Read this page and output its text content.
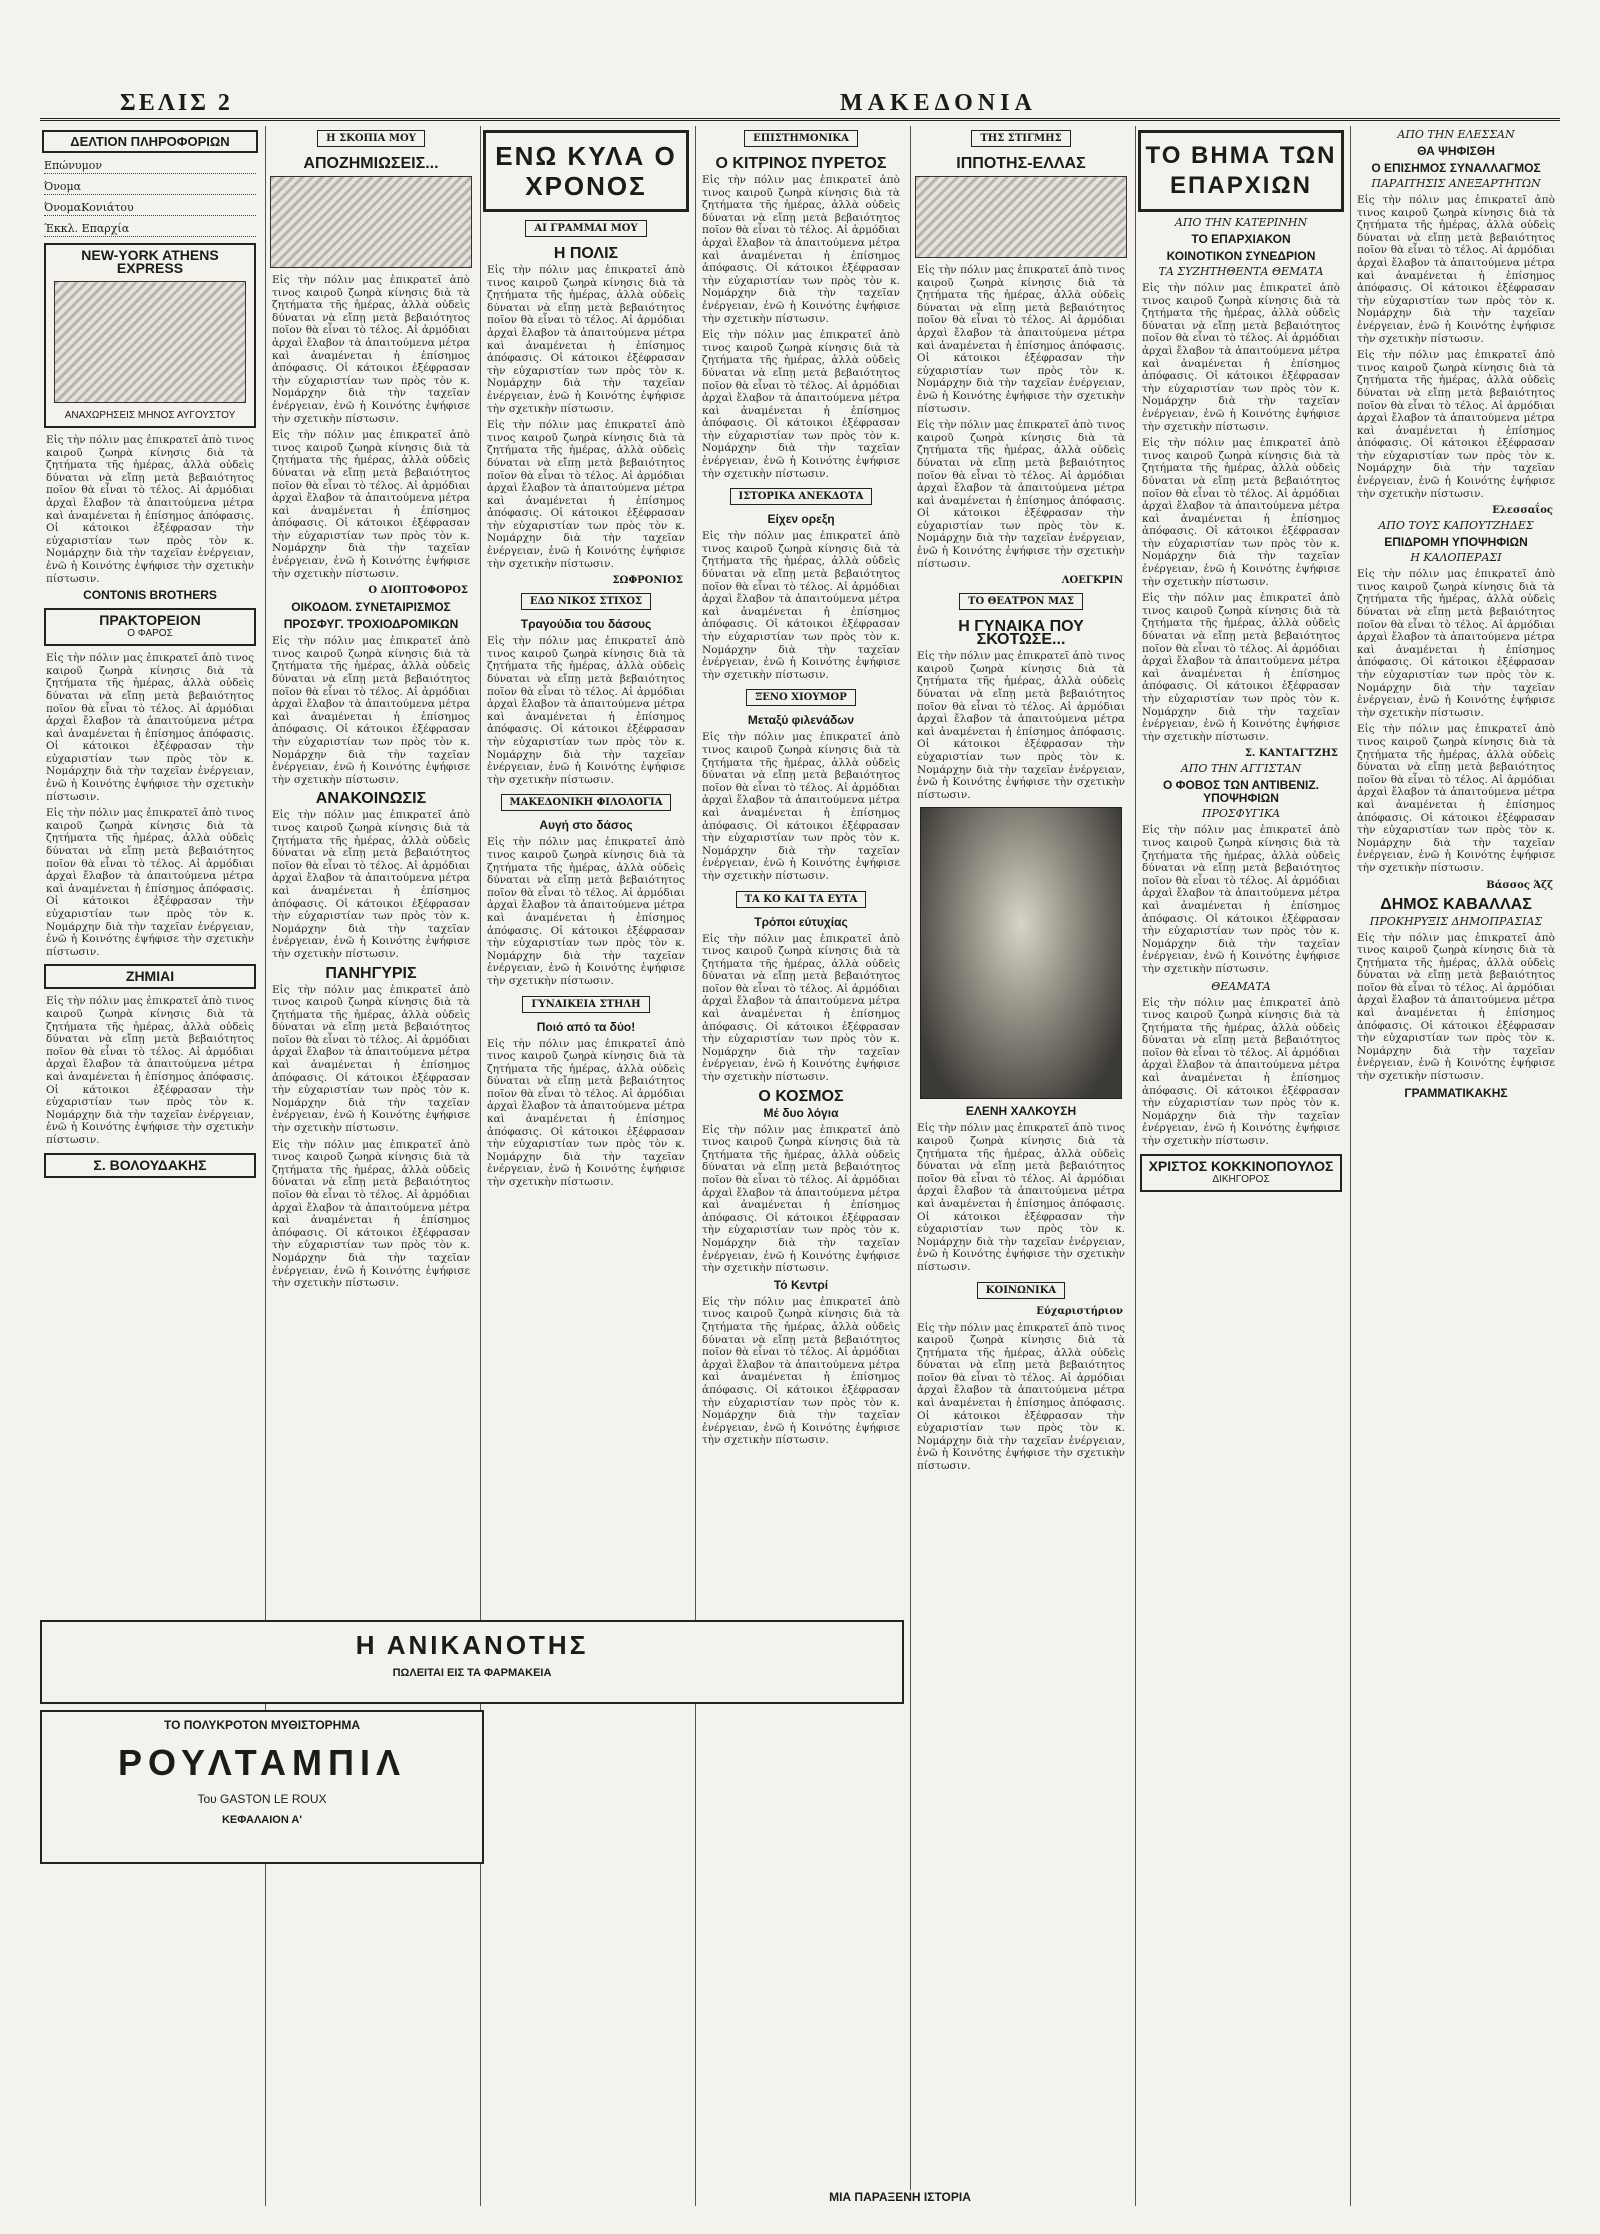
ΣΕΛΙΣ 2	ΜΑΚΕΔΟΝΙΑ
ΔΕΛΤΙΟΝ ΠΛΗΡΟΦΟΡΙΩΝ
Επώνυμον
Όνομα
ΌνομαΚονιάτου
Έκκλ. Επαρχία
NEW-YORK ATHENS EXPRESS
ΑΝΑΧΩΡΗΣΕΙΣ ΜΗΝΟΣ ΑΥΓΟΥΣΤΟΥ
Εἰς τὴν πόλιν μας ἐπικρατεῖ ἀπὸ τινος καιροῦ ζωηρὰ κίνησις διὰ τὰ ζητήματα τῆς ἡμέρας, ἀλλὰ οὐδεὶς δύναται νὰ εἴπῃ μετὰ βεβαιότητος ποῖον θὰ εἶναι τὸ τέλος. Αἱ ἀρμόδιαι ἀρχαὶ ἔλαβον τὰ ἀπαιτούμενα μέτρα καὶ ἀναμένεται ἡ ἐπίσημος ἀπόφασις. Οἱ κάτοικοι ἐξέφρασαν τὴν εὐχαριστίαν των πρὸς τὸν κ. Νομάρχην διὰ τὴν ταχεῖαν ἐνέργειαν, ἐνῶ ἡ Κοινότης ἐψήφισε τὴν σχετικὴν πίστωσιν.
CONTONIS BROTHERS
ΠΡΑΚΤΟΡΕΙΟΝ
Ο ΦΑΡΟΣ
Εἰς τὴν πόλιν μας ἐπικρατεῖ ἀπὸ τινος καιροῦ ζωηρὰ κίνησις διὰ τὰ ζητήματα τῆς ἡμέρας, ἀλλὰ οὐδεὶς δύναται νὰ εἴπῃ μετὰ βεβαιότητος ποῖον θὰ εἶναι τὸ τέλος. Αἱ ἀρμόδιαι ἀρχαὶ ἔλαβον τὰ ἀπαιτούμενα μέτρα καὶ ἀναμένεται ἡ ἐπίσημος ἀπόφασις. Οἱ κάτοικοι ἐξέφρασαν τὴν εὐχαριστίαν των πρὸς τὸν κ. Νομάρχην διὰ τὴν ταχεῖαν ἐνέργειαν, ἐνῶ ἡ Κοινότης ἐψήφισε τὴν σχετικὴν πίστωσιν.
Εἰς τὴν πόλιν μας ἐπικρατεῖ ἀπὸ τινος καιροῦ ζωηρὰ κίνησις διὰ τὰ ζητήματα τῆς ἡμέρας, ἀλλὰ οὐδεὶς δύναται νὰ εἴπῃ μετὰ βεβαιότητος ποῖον θὰ εἶναι τὸ τέλος. Αἱ ἀρμόδιαι ἀρχαὶ ἔλαβον τὰ ἀπαιτούμενα μέτρα καὶ ἀναμένεται ἡ ἐπίσημος ἀπόφασις. Οἱ κάτοικοι ἐξέφρασαν τὴν εὐχαριστίαν των πρὸς τὸν κ. Νομάρχην διὰ τὴν ταχεῖαν ἐνέργειαν, ἐνῶ ἡ Κοινότης ἐψήφισε τὴν σχετικὴν πίστωσιν.
ΖΗΜΙΑΙ
Εἰς τὴν πόλιν μας ἐπικρατεῖ ἀπὸ τινος καιροῦ ζωηρὰ κίνησις διὰ τὰ ζητήματα τῆς ἡμέρας, ἀλλὰ οὐδεὶς δύναται νὰ εἴπῃ μετὰ βεβαιότητος ποῖον θὰ εἶναι τὸ τέλος. Αἱ ἀρμόδιαι ἀρχαὶ ἔλαβον τὰ ἀπαιτούμενα μέτρα καὶ ἀναμένεται ἡ ἐπίσημος ἀπόφασις. Οἱ κάτοικοι ἐξέφρασαν τὴν εὐχαριστίαν των πρὸς τὸν κ. Νομάρχην διὰ τὴν ταχεῖαν ἐνέργειαν, ἐνῶ ἡ Κοινότης ἐψήφισε τὴν σχετικὴν πίστωσιν.
Σ. ΒΟΛΟΥΔΑΚΗΣ
Η ΣΚΟΠΙΑ ΜΟΥ
ΑΠΟΖΗΜΙΩΣΕΙΣ...
Εἰς τὴν πόλιν μας ἐπικρατεῖ ἀπὸ τινος καιροῦ ζωηρὰ κίνησις διὰ τὰ ζητήματα τῆς ἡμέρας, ἀλλὰ οὐδεὶς δύναται νὰ εἴπῃ μετὰ βεβαιότητος ποῖον θὰ εἶναι τὸ τέλος. Αἱ ἀρμόδιαι ἀρχαὶ ἔλαβον τὰ ἀπαιτούμενα μέτρα καὶ ἀναμένεται ἡ ἐπίσημος ἀπόφασις. Οἱ κάτοικοι ἐξέφρασαν τὴν εὐχαριστίαν των πρὸς τὸν κ. Νομάρχην διὰ τὴν ταχεῖαν ἐνέργειαν, ἐνῶ ἡ Κοινότης ἐψήφισε τὴν σχετικὴν πίστωσιν.
Εἰς τὴν πόλιν μας ἐπικρατεῖ ἀπὸ τινος καιροῦ ζωηρὰ κίνησις διὰ τὰ ζητήματα τῆς ἡμέρας, ἀλλὰ οὐδεὶς δύναται νὰ εἴπῃ μετὰ βεβαιότητος ποῖον θὰ εἶναι τὸ τέλος. Αἱ ἀρμόδιαι ἀρχαὶ ἔλαβον τὰ ἀπαιτούμενα μέτρα καὶ ἀναμένεται ἡ ἐπίσημος ἀπόφασις. Οἱ κάτοικοι ἐξέφρασαν τὴν εὐχαριστίαν των πρὸς τὸν κ. Νομάρχην διὰ τὴν ταχεῖαν ἐνέργειαν, ἐνῶ ἡ Κοινότης ἐψήφισε τὴν σχετικὴν πίστωσιν.
Ο ΔΙΟΠΤΟΦΟΡΟΣ
ΟΙΚΟΔΟΜ. ΣΥΝΕΤΑΙΡΙΣΜΟΣ
ΠΡΟΣΦΥΓ. ΤΡΟΧΙΟΔΡΟΜΙΚΩΝ
Εἰς τὴν πόλιν μας ἐπικρατεῖ ἀπὸ τινος καιροῦ ζωηρὰ κίνησις διὰ τὰ ζητήματα τῆς ἡμέρας, ἀλλὰ οὐδεὶς δύναται νὰ εἴπῃ μετὰ βεβαιότητος ποῖον θὰ εἶναι τὸ τέλος. Αἱ ἀρμόδιαι ἀρχαὶ ἔλαβον τὰ ἀπαιτούμενα μέτρα καὶ ἀναμένεται ἡ ἐπίσημος ἀπόφασις. Οἱ κάτοικοι ἐξέφρασαν τὴν εὐχαριστίαν των πρὸς τὸν κ. Νομάρχην διὰ τὴν ταχεῖαν ἐνέργειαν, ἐνῶ ἡ Κοινότης ἐψήφισε τὴν σχετικὴν πίστωσιν.
ΑΝΑΚΟΙΝΩΣΙΣ
Εἰς τὴν πόλιν μας ἐπικρατεῖ ἀπὸ τινος καιροῦ ζωηρὰ κίνησις διὰ τὰ ζητήματα τῆς ἡμέρας, ἀλλὰ οὐδεὶς δύναται νὰ εἴπῃ μετὰ βεβαιότητος ποῖον θὰ εἶναι τὸ τέλος. Αἱ ἀρμόδιαι ἀρχαὶ ἔλαβον τὰ ἀπαιτούμενα μέτρα καὶ ἀναμένεται ἡ ἐπίσημος ἀπόφασις. Οἱ κάτοικοι ἐξέφρασαν τὴν εὐχαριστίαν των πρὸς τὸν κ. Νομάρχην διὰ τὴν ταχεῖαν ἐνέργειαν, ἐνῶ ἡ Κοινότης ἐψήφισε τὴν σχετικὴν πίστωσιν.
ΠΑΝΗΓΥΡΙΣ
Εἰς τὴν πόλιν μας ἐπικρατεῖ ἀπὸ τινος καιροῦ ζωηρὰ κίνησις διὰ τὰ ζητήματα τῆς ἡμέρας, ἀλλὰ οὐδεὶς δύναται νὰ εἴπῃ μετὰ βεβαιότητος ποῖον θὰ εἶναι τὸ τέλος. Αἱ ἀρμόδιαι ἀρχαὶ ἔλαβον τὰ ἀπαιτούμενα μέτρα καὶ ἀναμένεται ἡ ἐπίσημος ἀπόφασις. Οἱ κάτοικοι ἐξέφρασαν τὴν εὐχαριστίαν των πρὸς τὸν κ. Νομάρχην διὰ τὴν ταχεῖαν ἐνέργειαν, ἐνῶ ἡ Κοινότης ἐψήφισε τὴν σχετικὴν πίστωσιν.
Εἰς τὴν πόλιν μας ἐπικρατεῖ ἀπὸ τινος καιροῦ ζωηρὰ κίνησις διὰ τὰ ζητήματα τῆς ἡμέρας, ἀλλὰ οὐδεὶς δύναται νὰ εἴπῃ μετὰ βεβαιότητος ποῖον θὰ εἶναι τὸ τέλος. Αἱ ἀρμόδιαι ἀρχαὶ ἔλαβον τὰ ἀπαιτούμενα μέτρα καὶ ἀναμένεται ἡ ἐπίσημος ἀπόφασις. Οἱ κάτοικοι ἐξέφρασαν τὴν εὐχαριστίαν των πρὸς τὸν κ. Νομάρχην διὰ τὴν ταχεῖαν ἐνέργειαν, ἐνῶ ἡ Κοινότης ἐψήφισε τὴν σχετικὴν πίστωσιν.
ΕΝΩ ΚΥΛΑ Ο ΧΡΟΝΟΣ
ΑΙ ΓΡΑΜΜΑΙ ΜΟΥ
Η ΠΟΛΙΣ
Εἰς τὴν πόλιν μας ἐπικρατεῖ ἀπὸ τινος καιροῦ ζωηρὰ κίνησις διὰ τὰ ζητήματα τῆς ἡμέρας, ἀλλὰ οὐδεὶς δύναται νὰ εἴπῃ μετὰ βεβαιότητος ποῖον θὰ εἶναι τὸ τέλος. Αἱ ἀρμόδιαι ἀρχαὶ ἔλαβον τὰ ἀπαιτούμενα μέτρα καὶ ἀναμένεται ἡ ἐπίσημος ἀπόφασις. Οἱ κάτοικοι ἐξέφρασαν τὴν εὐχαριστίαν των πρὸς τὸν κ. Νομάρχην διὰ τὴν ταχεῖαν ἐνέργειαν, ἐνῶ ἡ Κοινότης ἐψήφισε τὴν σχετικὴν πίστωσιν.
Εἰς τὴν πόλιν μας ἐπικρατεῖ ἀπὸ τινος καιροῦ ζωηρὰ κίνησις διὰ τὰ ζητήματα τῆς ἡμέρας, ἀλλὰ οὐδεὶς δύναται νὰ εἴπῃ μετὰ βεβαιότητος ποῖον θὰ εἶναι τὸ τέλος. Αἱ ἀρμόδιαι ἀρχαὶ ἔλαβον τὰ ἀπαιτούμενα μέτρα καὶ ἀναμένεται ἡ ἐπίσημος ἀπόφασις. Οἱ κάτοικοι ἐξέφρασαν τὴν εὐχαριστίαν των πρὸς τὸν κ. Νομάρχην διὰ τὴν ταχεῖαν ἐνέργειαν, ἐνῶ ἡ Κοινότης ἐψήφισε τὴν σχετικὴν πίστωσιν.
ΣΩΦΡΟΝΙΟΣ
ΕΔΩ ΝΙΚΟΣ ΣΤΙΧΟΣ
Τραγούδια του δάσους
Εἰς τὴν πόλιν μας ἐπικρατεῖ ἀπὸ τινος καιροῦ ζωηρὰ κίνησις διὰ τὰ ζητήματα τῆς ἡμέρας, ἀλλὰ οὐδεὶς δύναται νὰ εἴπῃ μετὰ βεβαιότητος ποῖον θὰ εἶναι τὸ τέλος. Αἱ ἀρμόδιαι ἀρχαὶ ἔλαβον τὰ ἀπαιτούμενα μέτρα καὶ ἀναμένεται ἡ ἐπίσημος ἀπόφασις. Οἱ κάτοικοι ἐξέφρασαν τὴν εὐχαριστίαν των πρὸς τὸν κ. Νομάρχην διὰ τὴν ταχεῖαν ἐνέργειαν, ἐνῶ ἡ Κοινότης ἐψήφισε τὴν σχετικὴν πίστωσιν.
ΜΑΚΕΔΟΝΙΚΗ ΦΙΛΟΛΟΓΙΑ
Αυγή στο δάσος
Εἰς τὴν πόλιν μας ἐπικρατεῖ ἀπὸ τινος καιροῦ ζωηρὰ κίνησις διὰ τὰ ζητήματα τῆς ἡμέρας, ἀλλὰ οὐδεὶς δύναται νὰ εἴπῃ μετὰ βεβαιότητος ποῖον θὰ εἶναι τὸ τέλος. Αἱ ἀρμόδιαι ἀρχαὶ ἔλαβον τὰ ἀπαιτούμενα μέτρα καὶ ἀναμένεται ἡ ἐπίσημος ἀπόφασις. Οἱ κάτοικοι ἐξέφρασαν τὴν εὐχαριστίαν των πρὸς τὸν κ. Νομάρχην διὰ τὴν ταχεῖαν ἐνέργειαν, ἐνῶ ἡ Κοινότης ἐψήφισε τὴν σχετικὴν πίστωσιν.
ΓΥΝΑΙΚΕΙΑ ΣΤΗΛΗ
Ποιό από τα δύο!
Εἰς τὴν πόλιν μας ἐπικρατεῖ ἀπὸ τινος καιροῦ ζωηρὰ κίνησις διὰ τὰ ζητήματα τῆς ἡμέρας, ἀλλὰ οὐδεὶς δύναται νὰ εἴπῃ μετὰ βεβαιότητος ποῖον θὰ εἶναι τὸ τέλος. Αἱ ἀρμόδιαι ἀρχαὶ ἔλαβον τὰ ἀπαιτούμενα μέτρα καὶ ἀναμένεται ἡ ἐπίσημος ἀπόφασις. Οἱ κάτοικοι ἐξέφρασαν τὴν εὐχαριστίαν των πρὸς τὸν κ. Νομάρχην διὰ τὴν ταχεῖαν ἐνέργειαν, ἐνῶ ἡ Κοινότης ἐψήφισε τὴν σχετικὴν πίστωσιν.
ΕΠΙΣΤΗΜΟΝΙΚΑ
Ο ΚΙΤΡΙΝΟΣ ΠΥΡΕΤΟΣ
Εἰς τὴν πόλιν μας ἐπικρατεῖ ἀπὸ τινος καιροῦ ζωηρὰ κίνησις διὰ τὰ ζητήματα τῆς ἡμέρας, ἀλλὰ οὐδεὶς δύναται νὰ εἴπῃ μετὰ βεβαιότητος ποῖον θὰ εἶναι τὸ τέλος. Αἱ ἀρμόδιαι ἀρχαὶ ἔλαβον τὰ ἀπαιτούμενα μέτρα καὶ ἀναμένεται ἡ ἐπίσημος ἀπόφασις. Οἱ κάτοικοι ἐξέφρασαν τὴν εὐχαριστίαν των πρὸς τὸν κ. Νομάρχην διὰ τὴν ταχεῖαν ἐνέργειαν, ἐνῶ ἡ Κοινότης ἐψήφισε τὴν σχετικὴν πίστωσιν.
Εἰς τὴν πόλιν μας ἐπικρατεῖ ἀπὸ τινος καιροῦ ζωηρὰ κίνησις διὰ τὰ ζητήματα τῆς ἡμέρας, ἀλλὰ οὐδεὶς δύναται νὰ εἴπῃ μετὰ βεβαιότητος ποῖον θὰ εἶναι τὸ τέλος. Αἱ ἀρμόδιαι ἀρχαὶ ἔλαβον τὰ ἀπαιτούμενα μέτρα καὶ ἀναμένεται ἡ ἐπίσημος ἀπόφασις. Οἱ κάτοικοι ἐξέφρασαν τὴν εὐχαριστίαν των πρὸς τὸν κ. Νομάρχην διὰ τὴν ταχεῖαν ἐνέργειαν, ἐνῶ ἡ Κοινότης ἐψήφισε τὴν σχετικὴν πίστωσιν.
ΙΣΤΟΡΙΚΑ ΑΝΕΚΔΟΤΑ
Είχεν ορεξη
Εἰς τὴν πόλιν μας ἐπικρατεῖ ἀπὸ τινος καιροῦ ζωηρὰ κίνησις διὰ τὰ ζητήματα τῆς ἡμέρας, ἀλλὰ οὐδεὶς δύναται νὰ εἴπῃ μετὰ βεβαιότητος ποῖον θὰ εἶναι τὸ τέλος. Αἱ ἀρμόδιαι ἀρχαὶ ἔλαβον τὰ ἀπαιτούμενα μέτρα καὶ ἀναμένεται ἡ ἐπίσημος ἀπόφασις. Οἱ κάτοικοι ἐξέφρασαν τὴν εὐχαριστίαν των πρὸς τὸν κ. Νομάρχην διὰ τὴν ταχεῖαν ἐνέργειαν, ἐνῶ ἡ Κοινότης ἐψήφισε τὴν σχετικὴν πίστωσιν.
ΞΕΝΟ ΧΙΟΥΜΟΡ
Μεταξύ φιλενάδων
Εἰς τὴν πόλιν μας ἐπικρατεῖ ἀπὸ τινος καιροῦ ζωηρὰ κίνησις διὰ τὰ ζητήματα τῆς ἡμέρας, ἀλλὰ οὐδεὶς δύναται νὰ εἴπῃ μετὰ βεβαιότητος ποῖον θὰ εἶναι τὸ τέλος. Αἱ ἀρμόδιαι ἀρχαὶ ἔλαβον τὰ ἀπαιτούμενα μέτρα καὶ ἀναμένεται ἡ ἐπίσημος ἀπόφασις. Οἱ κάτοικοι ἐξέφρασαν τὴν εὐχαριστίαν των πρὸς τὸν κ. Νομάρχην διὰ τὴν ταχεῖαν ἐνέργειαν, ἐνῶ ἡ Κοινότης ἐψήφισε τὴν σχετικὴν πίστωσιν.
ΤΑ ΚΟ ΚΑΙ ΤΑ ΕΥΤΑ
Τρόποι εύτυχίας
Εἰς τὴν πόλιν μας ἐπικρατεῖ ἀπὸ τινος καιροῦ ζωηρὰ κίνησις διὰ τὰ ζητήματα τῆς ἡμέρας, ἀλλὰ οὐδεὶς δύναται νὰ εἴπῃ μετὰ βεβαιότητος ποῖον θὰ εἶναι τὸ τέλος. Αἱ ἀρμόδιαι ἀρχαὶ ἔλαβον τὰ ἀπαιτούμενα μέτρα καὶ ἀναμένεται ἡ ἐπίσημος ἀπόφασις. Οἱ κάτοικοι ἐξέφρασαν τὴν εὐχαριστίαν των πρὸς τὸν κ. Νομάρχην διὰ τὴν ταχεῖαν ἐνέργειαν, ἐνῶ ἡ Κοινότης ἐψήφισε τὴν σχετικὴν πίστωσιν.
Ο ΚΟΣΜΟΣ
Μέ δυο λόγια
Εἰς τὴν πόλιν μας ἐπικρατεῖ ἀπὸ τινος καιροῦ ζωηρὰ κίνησις διὰ τὰ ζητήματα τῆς ἡμέρας, ἀλλὰ οὐδεὶς δύναται νὰ εἴπῃ μετὰ βεβαιότητος ποῖον θὰ εἶναι τὸ τέλος. Αἱ ἀρμόδιαι ἀρχαὶ ἔλαβον τὰ ἀπαιτούμενα μέτρα καὶ ἀναμένεται ἡ ἐπίσημος ἀπόφασις. Οἱ κάτοικοι ἐξέφρασαν τὴν εὐχαριστίαν των πρὸς τὸν κ. Νομάρχην διὰ τὴν ταχεῖαν ἐνέργειαν, ἐνῶ ἡ Κοινότης ἐψήφισε τὴν σχετικὴν πίστωσιν.
Τό Κεντρί
Εἰς τὴν πόλιν μας ἐπικρατεῖ ἀπὸ τινος καιροῦ ζωηρὰ κίνησις διὰ τὰ ζητήματα τῆς ἡμέρας, ἀλλὰ οὐδεὶς δύναται νὰ εἴπῃ μετὰ βεβαιότητος ποῖον θὰ εἶναι τὸ τέλος. Αἱ ἀρμόδιαι ἀρχαὶ ἔλαβον τὰ ἀπαιτούμενα μέτρα καὶ ἀναμένεται ἡ ἐπίσημος ἀπόφασις. Οἱ κάτοικοι ἐξέφρασαν τὴν εὐχαριστίαν των πρὸς τὸν κ. Νομάρχην διὰ τὴν ταχεῖαν ἐνέργειαν, ἐνῶ ἡ Κοινότης ἐψήφισε τὴν σχετικὴν πίστωσιν.
ΤΗΣ ΣΤΙΓΜΗΣ
ΙΠΠΟΤΗΣ-ΕΛΛΑΣ
Εἰς τὴν πόλιν μας ἐπικρατεῖ ἀπὸ τινος καιροῦ ζωηρὰ κίνησις διὰ τὰ ζητήματα τῆς ἡμέρας, ἀλλὰ οὐδεὶς δύναται νὰ εἴπῃ μετὰ βεβαιότητος ποῖον θὰ εἶναι τὸ τέλος. Αἱ ἀρμόδιαι ἀρχαὶ ἔλαβον τὰ ἀπαιτούμενα μέτρα καὶ ἀναμένεται ἡ ἐπίσημος ἀπόφασις. Οἱ κάτοικοι ἐξέφρασαν τὴν εὐχαριστίαν των πρὸς τὸν κ. Νομάρχην διὰ τὴν ταχεῖαν ἐνέργειαν, ἐνῶ ἡ Κοινότης ἐψήφισε τὴν σχετικὴν πίστωσιν.
Εἰς τὴν πόλιν μας ἐπικρατεῖ ἀπὸ τινος καιροῦ ζωηρὰ κίνησις διὰ τὰ ζητήματα τῆς ἡμέρας, ἀλλὰ οὐδεὶς δύναται νὰ εἴπῃ μετὰ βεβαιότητος ποῖον θὰ εἶναι τὸ τέλος. Αἱ ἀρμόδιαι ἀρχαὶ ἔλαβον τὰ ἀπαιτούμενα μέτρα καὶ ἀναμένεται ἡ ἐπίσημος ἀπόφασις. Οἱ κάτοικοι ἐξέφρασαν τὴν εὐχαριστίαν των πρὸς τὸν κ. Νομάρχην διὰ τὴν ταχεῖαν ἐνέργειαν, ἐνῶ ἡ Κοινότης ἐψήφισε τὴν σχετικὴν πίστωσιν.
ΛΟΕΓΚΡΙΝ
ΤΟ ΘΕΑΤΡΟΝ ΜΑΣ
Η ΓΥΝΑΙΚΑ ΠΟΥ ΣΚΟΤΩΣΕ...
Εἰς τὴν πόλιν μας ἐπικρατεῖ ἀπὸ τινος καιροῦ ζωηρὰ κίνησις διὰ τὰ ζητήματα τῆς ἡμέρας, ἀλλὰ οὐδεὶς δύναται νὰ εἴπῃ μετὰ βεβαιότητος ποῖον θὰ εἶναι τὸ τέλος. Αἱ ἀρμόδιαι ἀρχαὶ ἔλαβον τὰ ἀπαιτούμενα μέτρα καὶ ἀναμένεται ἡ ἐπίσημος ἀπόφασις. Οἱ κάτοικοι ἐξέφρασαν τὴν εὐχαριστίαν των πρὸς τὸν κ. Νομάρχην διὰ τὴν ταχεῖαν ἐνέργειαν, ἐνῶ ἡ Κοινότης ἐψήφισε τὴν σχετικὴν πίστωσιν.
ΕΛΕΝΗ ΧΑΛΚΟΥΣΗ
Εἰς τὴν πόλιν μας ἐπικρατεῖ ἀπὸ τινος καιροῦ ζωηρὰ κίνησις διὰ τὰ ζητήματα τῆς ἡμέρας, ἀλλὰ οὐδεὶς δύναται νὰ εἴπῃ μετὰ βεβαιότητος ποῖον θὰ εἶναι τὸ τέλος. Αἱ ἀρμόδιαι ἀρχαὶ ἔλαβον τὰ ἀπαιτούμενα μέτρα καὶ ἀναμένεται ἡ ἐπίσημος ἀπόφασις. Οἱ κάτοικοι ἐξέφρασαν τὴν εὐχαριστίαν των πρὸς τὸν κ. Νομάρχην διὰ τὴν ταχεῖαν ἐνέργειαν, ἐνῶ ἡ Κοινότης ἐψήφισε τὴν σχετικὴν πίστωσιν.
ΚΟΙΝΩΝΙΚΑ
Εύχαριστήριον
Εἰς τὴν πόλιν μας ἐπικρατεῖ ἀπὸ τινος καιροῦ ζωηρὰ κίνησις διὰ τὰ ζητήματα τῆς ἡμέρας, ἀλλὰ οὐδεὶς δύναται νὰ εἴπῃ μετὰ βεβαιότητος ποῖον θὰ εἶναι τὸ τέλος. Αἱ ἀρμόδιαι ἀρχαὶ ἔλαβον τὰ ἀπαιτούμενα μέτρα καὶ ἀναμένεται ἡ ἐπίσημος ἀπόφασις. Οἱ κάτοικοι ἐξέφρασαν τὴν εὐχαριστίαν των πρὸς τὸν κ. Νομάρχην διὰ τὴν ταχεῖαν ἐνέργειαν, ἐνῶ ἡ Κοινότης ἐψήφισε τὴν σχετικὴν πίστωσιν.
ΤΟ ΒΗΜΑ ΤΩΝ ΕΠΑΡΧΙΩΝ
ΑΠΟ ΤΗΝ ΚΑΤΕΡΙΝΗΝ
ΤΟ ΕΠΑΡΧΙΑΚΟΝ
ΚΟΙΝΟΤΙΚΟΝ ΣΥΝΕΔΡΙΟΝ
ΤΑ ΣΥΖΗΤΗΘΕΝΤΑ ΘΕΜΑΤΑ
Εἰς τὴν πόλιν μας ἐπικρατεῖ ἀπὸ τινος καιροῦ ζωηρὰ κίνησις διὰ τὰ ζητήματα τῆς ἡμέρας, ἀλλὰ οὐδεὶς δύναται νὰ εἴπῃ μετὰ βεβαιότητος ποῖον θὰ εἶναι τὸ τέλος. Αἱ ἀρμόδιαι ἀρχαὶ ἔλαβον τὰ ἀπαιτούμενα μέτρα καὶ ἀναμένεται ἡ ἐπίσημος ἀπόφασις. Οἱ κάτοικοι ἐξέφρασαν τὴν εὐχαριστίαν των πρὸς τὸν κ. Νομάρχην διὰ τὴν ταχεῖαν ἐνέργειαν, ἐνῶ ἡ Κοινότης ἐψήφισε τὴν σχετικὴν πίστωσιν.
Εἰς τὴν πόλιν μας ἐπικρατεῖ ἀπὸ τινος καιροῦ ζωηρὰ κίνησις διὰ τὰ ζητήματα τῆς ἡμέρας, ἀλλὰ οὐδεὶς δύναται νὰ εἴπῃ μετὰ βεβαιότητος ποῖον θὰ εἶναι τὸ τέλος. Αἱ ἀρμόδιαι ἀρχαὶ ἔλαβον τὰ ἀπαιτούμενα μέτρα καὶ ἀναμένεται ἡ ἐπίσημος ἀπόφασις. Οἱ κάτοικοι ἐξέφρασαν τὴν εὐχαριστίαν των πρὸς τὸν κ. Νομάρχην διὰ τὴν ταχεῖαν ἐνέργειαν, ἐνῶ ἡ Κοινότης ἐψήφισε τὴν σχετικὴν πίστωσιν.
Εἰς τὴν πόλιν μας ἐπικρατεῖ ἀπὸ τινος καιροῦ ζωηρὰ κίνησις διὰ τὰ ζητήματα τῆς ἡμέρας, ἀλλὰ οὐδεὶς δύναται νὰ εἴπῃ μετὰ βεβαιότητος ποῖον θὰ εἶναι τὸ τέλος. Αἱ ἀρμόδιαι ἀρχαὶ ἔλαβον τὰ ἀπαιτούμενα μέτρα καὶ ἀναμένεται ἡ ἐπίσημος ἀπόφασις. Οἱ κάτοικοι ἐξέφρασαν τὴν εὐχαριστίαν των πρὸς τὸν κ. Νομάρχην διὰ τὴν ταχεῖαν ἐνέργειαν, ἐνῶ ἡ Κοινότης ἐψήφισε τὴν σχετικὴν πίστωσιν.
Σ. ΚΑΝΤΑΓΤΖΗΣ
ΑΠΟ ΤΗΝ ΑΓΓΙΣΤΑΝ
Ο ΦΟΒΟΣ ΤΩΝ ΑΝΤΙΒΕΝΙΖ. ΥΠΟΨΗΦΙΩΝ
ΠΡΟΣΦΥΓΙΚΑ
Εἰς τὴν πόλιν μας ἐπικρατεῖ ἀπὸ τινος καιροῦ ζωηρὰ κίνησις διὰ τὰ ζητήματα τῆς ἡμέρας, ἀλλὰ οὐδεὶς δύναται νὰ εἴπῃ μετὰ βεβαιότητος ποῖον θὰ εἶναι τὸ τέλος. Αἱ ἀρμόδιαι ἀρχαὶ ἔλαβον τὰ ἀπαιτούμενα μέτρα καὶ ἀναμένεται ἡ ἐπίσημος ἀπόφασις. Οἱ κάτοικοι ἐξέφρασαν τὴν εὐχαριστίαν των πρὸς τὸν κ. Νομάρχην διὰ τὴν ταχεῖαν ἐνέργειαν, ἐνῶ ἡ Κοινότης ἐψήφισε τὴν σχετικὴν πίστωσιν.
ΘΕΑΜΑΤΑ
Εἰς τὴν πόλιν μας ἐπικρατεῖ ἀπὸ τινος καιροῦ ζωηρὰ κίνησις διὰ τὰ ζητήματα τῆς ἡμέρας, ἀλλὰ οὐδεὶς δύναται νὰ εἴπῃ μετὰ βεβαιότητος ποῖον θὰ εἶναι τὸ τέλος. Αἱ ἀρμόδιαι ἀρχαὶ ἔλαβον τὰ ἀπαιτούμενα μέτρα καὶ ἀναμένεται ἡ ἐπίσημος ἀπόφασις. Οἱ κάτοικοι ἐξέφρασαν τὴν εὐχαριστίαν των πρὸς τὸν κ. Νομάρχην διὰ τὴν ταχεῖαν ἐνέργειαν, ἐνῶ ἡ Κοινότης ἐψήφισε τὴν σχετικὴν πίστωσιν.
ΧΡΙΣΤΟΣ ΚΟΚΚΙΝΟΠΟΥΛΟΣ
ΔΙΚΗΓΟΡΟΣ
ΑΠΟ ΤΗΝ ΕΛΕΣΣΑΝ
ΘΑ ΨΗΦΙΣΘΗ
Ο ΕΠΙΣΗΜΟΣ ΣΥΝΑΛΛΑΓΜΟΣ
ΠΑΡΑΙΤΗΣΙΣ ΑΝΕΞΑΡΤΗΤΩΝ
Εἰς τὴν πόλιν μας ἐπικρατεῖ ἀπὸ τινος καιροῦ ζωηρὰ κίνησις διὰ τὰ ζητήματα τῆς ἡμέρας, ἀλλὰ οὐδεὶς δύναται νὰ εἴπῃ μετὰ βεβαιότητος ποῖον θὰ εἶναι τὸ τέλος. Αἱ ἀρμόδιαι ἀρχαὶ ἔλαβον τὰ ἀπαιτούμενα μέτρα καὶ ἀναμένεται ἡ ἐπίσημος ἀπόφασις. Οἱ κάτοικοι ἐξέφρασαν τὴν εὐχαριστίαν των πρὸς τὸν κ. Νομάρχην διὰ τὴν ταχεῖαν ἐνέργειαν, ἐνῶ ἡ Κοινότης ἐψήφισε τὴν σχετικὴν πίστωσιν.
Εἰς τὴν πόλιν μας ἐπικρατεῖ ἀπὸ τινος καιροῦ ζωηρὰ κίνησις διὰ τὰ ζητήματα τῆς ἡμέρας, ἀλλὰ οὐδεὶς δύναται νὰ εἴπῃ μετὰ βεβαιότητος ποῖον θὰ εἶναι τὸ τέλος. Αἱ ἀρμόδιαι ἀρχαὶ ἔλαβον τὰ ἀπαιτούμενα μέτρα καὶ ἀναμένεται ἡ ἐπίσημος ἀπόφασις. Οἱ κάτοικοι ἐξέφρασαν τὴν εὐχαριστίαν των πρὸς τὸν κ. Νομάρχην διὰ τὴν ταχεῖαν ἐνέργειαν, ἐνῶ ἡ Κοινότης ἐψήφισε τὴν σχετικὴν πίστωσιν.
Ελεσσαΐος
ΑΠΟ ΤΟΥΣ ΚΑΠΟΥΤΖΗΔΕΣ
ΕΠΙΔΡΟΜΗ ΥΠΟΨΗΦΙΩΝ
Η ΚΑΛΟΠΕΡΑΣΙ
Εἰς τὴν πόλιν μας ἐπικρατεῖ ἀπὸ τινος καιροῦ ζωηρὰ κίνησις διὰ τὰ ζητήματα τῆς ἡμέρας, ἀλλὰ οὐδεὶς δύναται νὰ εἴπῃ μετὰ βεβαιότητος ποῖον θὰ εἶναι τὸ τέλος. Αἱ ἀρμόδιαι ἀρχαὶ ἔλαβον τὰ ἀπαιτούμενα μέτρα καὶ ἀναμένεται ἡ ἐπίσημος ἀπόφασις. Οἱ κάτοικοι ἐξέφρασαν τὴν εὐχαριστίαν των πρὸς τὸν κ. Νομάρχην διὰ τὴν ταχεῖαν ἐνέργειαν, ἐνῶ ἡ Κοινότης ἐψήφισε τὴν σχετικὴν πίστωσιν.
Εἰς τὴν πόλιν μας ἐπικρατεῖ ἀπὸ τινος καιροῦ ζωηρὰ κίνησις διὰ τὰ ζητήματα τῆς ἡμέρας, ἀλλὰ οὐδεὶς δύναται νὰ εἴπῃ μετὰ βεβαιότητος ποῖον θὰ εἶναι τὸ τέλος. Αἱ ἀρμόδιαι ἀρχαὶ ἔλαβον τὰ ἀπαιτούμενα μέτρα καὶ ἀναμένεται ἡ ἐπίσημος ἀπόφασις. Οἱ κάτοικοι ἐξέφρασαν τὴν εὐχαριστίαν των πρὸς τὸν κ. Νομάρχην διὰ τὴν ταχεῖαν ἐνέργειαν, ἐνῶ ἡ Κοινότης ἐψήφισε τὴν σχετικὴν πίστωσιν.
Βάσσος Άζζ
ΔΗΜΟΣ ΚΑΒΑΛΛΑΣ
ΠΡΟΚΗΡΥΞΙΣ ΔΗΜΟΠΡΑΣΙΑΣ
Εἰς τὴν πόλιν μας ἐπικρατεῖ ἀπὸ τινος καιροῦ ζωηρὰ κίνησις διὰ τὰ ζητήματα τῆς ἡμέρας, ἀλλὰ οὐδεὶς δύναται νὰ εἴπῃ μετὰ βεβαιότητος ποῖον θὰ εἶναι τὸ τέλος. Αἱ ἀρμόδιαι ἀρχαὶ ἔλαβον τὰ ἀπαιτούμενα μέτρα καὶ ἀναμένεται ἡ ἐπίσημος ἀπόφασις. Οἱ κάτοικοι ἐξέφρασαν τὴν εὐχαριστίαν των πρὸς τὸν κ. Νομάρχην διὰ τὴν ταχεῖαν ἐνέργειαν, ἐνῶ ἡ Κοινότης ἐψήφισε τὴν σχετικὴν πίστωσιν.
ΓΡΑΜΜΑΤΙΚΑΚΗΣ
Η ΑΝΙΚΑΝΟΤΗΣ
ΠΩΛΕΙΤΑΙ ΕΙΣ ΤΑ ΦΑΡΜΑΚΕΙΑ
ΤΟ ΠΟΛΥΚΡΟΤΟΝ ΜΥΘΙΣΤΟΡΗΜΑ
ΡΟΥΛΤΑΜΠΙΛ
Του GASTON LE ROUX
ΚΕΦΑΛΑΙΟΝ Α'
ΜΙΑ ΠΑΡΑΞΕΝΗ ΙΣΤΟΡΙΑ
